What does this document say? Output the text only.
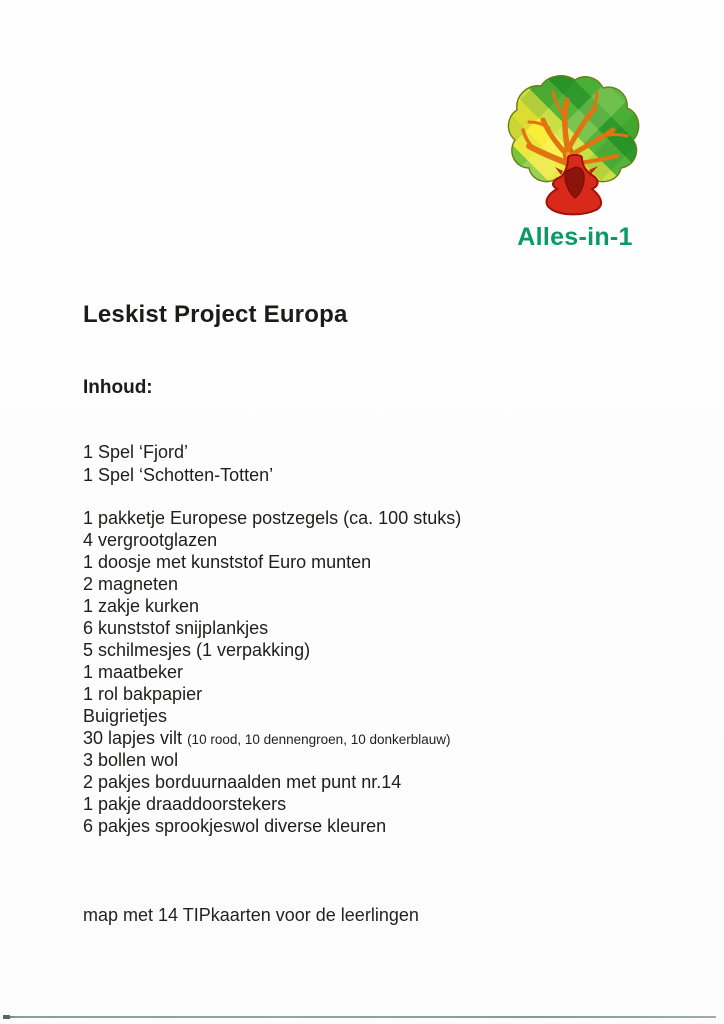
Alles-in-1
Leskist Project Europa
Inhoud:
1 Spel ‘Fjord’
1 Spel ‘Schotten-Totten’
1 pakketje Europese postzegels (ca. 100 stuks)
4 vergrootglazen
1 doosje met kunststof Euro munten
2 magneten
1 zakje kurken
6 kunststof snijplankjes
5 schilmesjes (1 verpakking)
1 maatbeker
1 rol bakpapier
Buigrietjes
30 lapjes vilt (10 rood, 10 dennengroen, 10 donkerblauw)
3 bollen wol
2 pakjes borduurnaalden met punt nr.14
1 pakje draaddoorstekers
6 pakjes sprookjeswol diverse kleuren
map met 14 TIPkaarten voor de leerlingen
